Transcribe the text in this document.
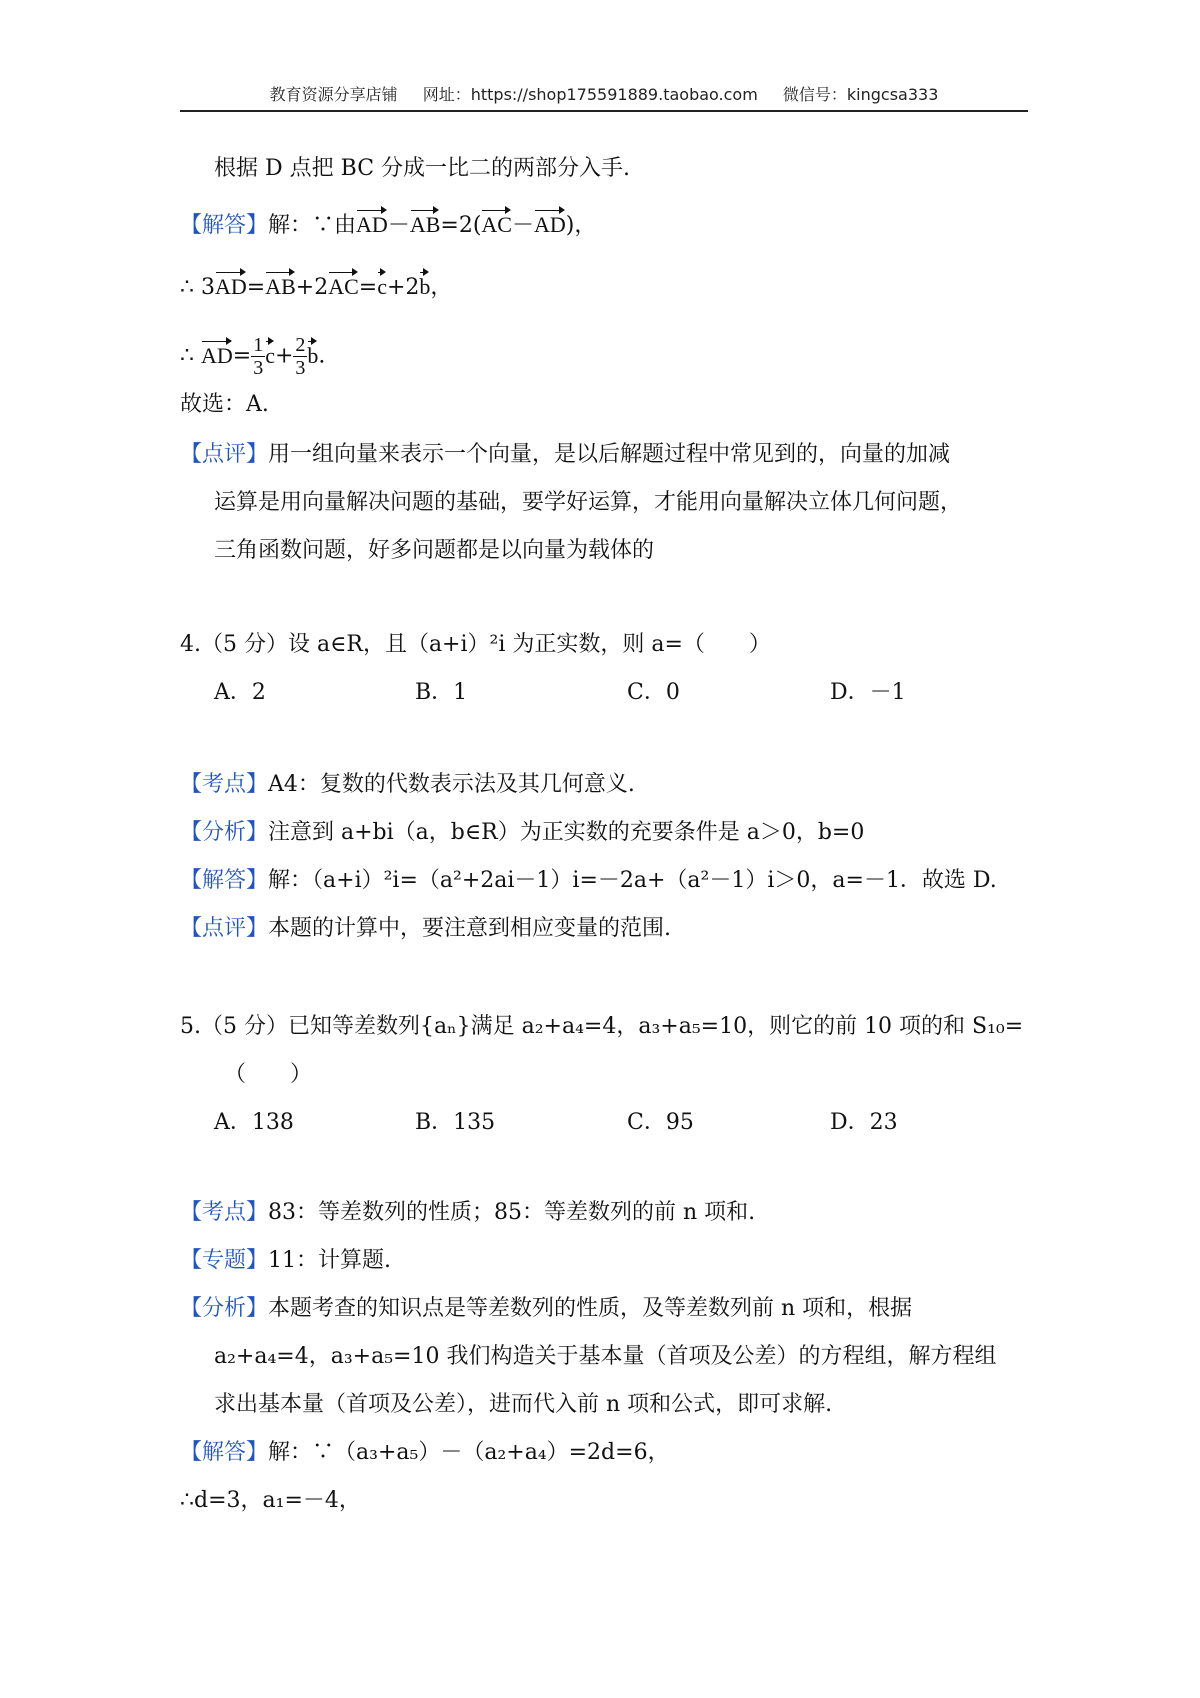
教育资源分享店铺 网址：https://shop175591889.taobao.com 微信号：kingcsa333
根据 D 点把 BC 分成一比二的两部分入手.
【解答】解：∵由AD－AB=2(AC－AD)，
∴ 3AD=AB+2AC=c+2b，
∴ $AD= \frac{1}{3} c+ \frac{2}{3} b$.
故选：A.
【点评】用一组向量来表示一个向量，是以后解题过程中常见到的，向量的加减
运算是用向量解决问题的基础，要学好运算，才能用向量解决立体几何问题，
三角函数问题，好多问题都是以向量为载体的
4.（5 分）设 a∈R，且（a+i）²i 为正实数，则 a=（　　）
A．2	B．1	C．0	D．－1
【考点】A4：复数的代数表示法及其几何意义.
【分析】注意到 a+bi（a，b∈R）为正实数的充要条件是 a＞0，b=0
【解答】解：（a+i）²i=（a²+2ai－1）i=－2a+（a²－1）i＞0，a=－1．故选 D.
【点评】本题的计算中，要注意到相应变量的范围.
5.（5 分）已知等差数列{aₙ}满足 a₂+a₄=4，a₃+a₅=10，则它的前 10 项的和 S₁₀=
（　　）
A．138	B．135	C．95	D．23
【考点】83：等差数列的性质；85：等差数列的前 n 项和.
【专题】11：计算题.
【分析】本题考查的知识点是等差数列的性质，及等差数列前 n 项和，根据
a₂+a₄=4，a₃+a₅=10 我们构造关于基本量（首项及公差）的方程组，解方程组
求出基本量（首项及公差），进而代入前 n 项和公式，即可求解.
【解答】解：∵（a₃+a₅）－（a₂+a₄）=2d=6，
∴d=3，a₁=－4，
